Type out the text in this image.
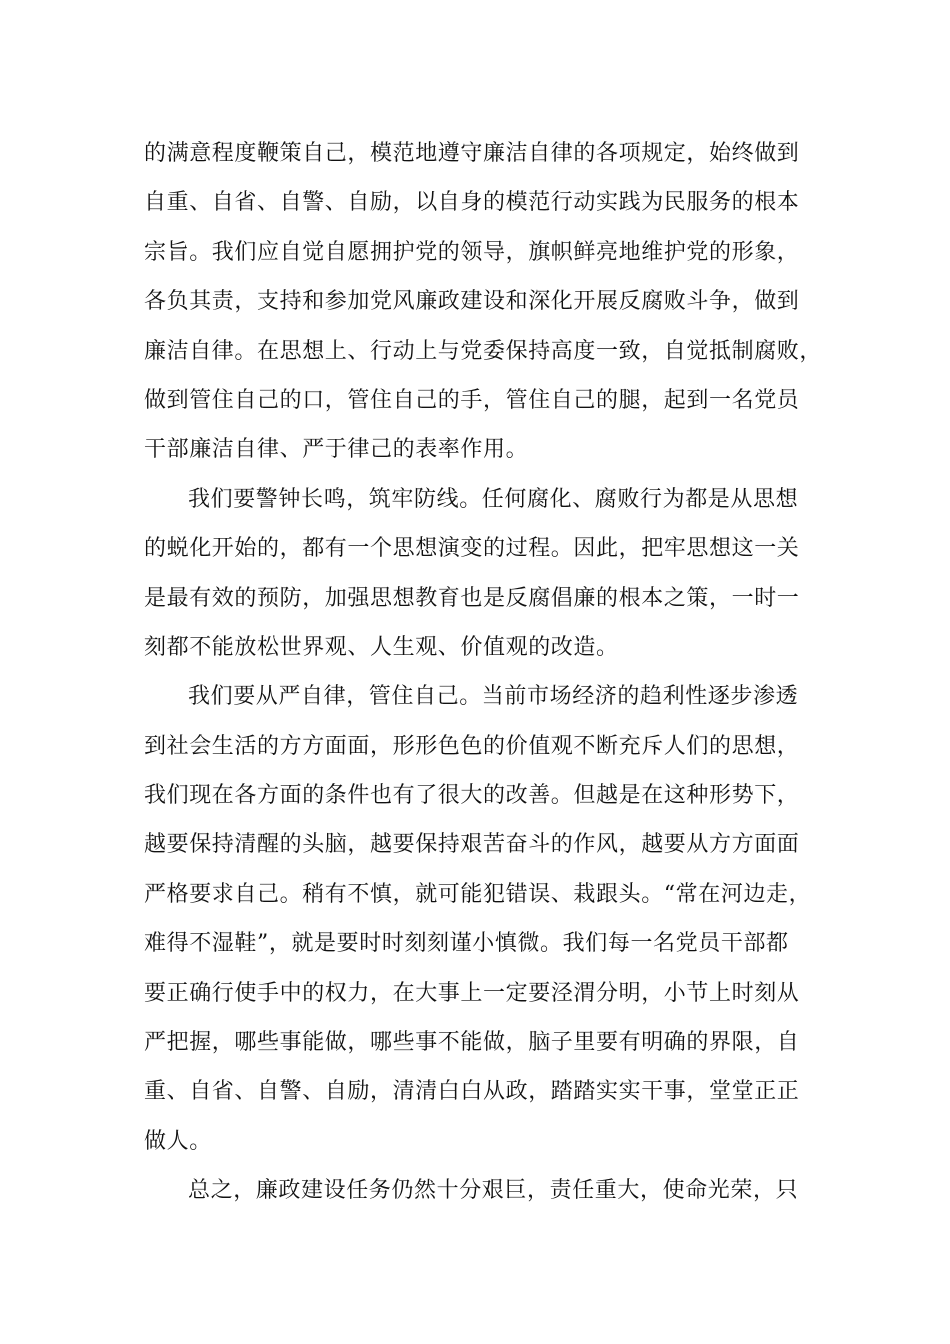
的满意程度鞭策自己，模范地遵守廉洁自律的各项规定，始终做到
自重、自省、自警、自励，以自身的模范行动实践为民服务的根本
宗旨。我们应自觉自愿拥护党的领导，旗帜鲜亮地维护党的形象，
各负其责，支持和参加党风廉政建设和深化开展反腐败斗争，做到
廉洁自律。在思想上、行动上与党委保持高度一致，自觉抵制腐败，
做到管住自己的口，管住自己的手，管住自己的腿，起到一名党员
干部廉洁自律、严于律己的表率作用。
我们要警钟长鸣，筑牢防线。任何腐化、腐败行为都是从思想
的蜕化开始的，都有一个思想演变的过程。因此，把牢思想这一关
是最有效的预防，加强思想教育也是反腐倡廉的根本之策，一时一
刻都不能放松世界观、人生观、价值观的改造。
我们要从严自律，管住自己。当前市场经济的趋利性逐步渗透
到社会生活的方方面面，形形色色的价值观不断充斥人们的思想，
我们现在各方面的条件也有了很大的改善。但越是在这种形势下，
越要保持清醒的头脑，越要保持艰苦奋斗的作风，越要从方方面面
严格要求自己。稍有不慎，就可能犯错误、栽跟头。“常在河边走，
难得不湿鞋”，就是要时时刻刻谨小慎微。我们每一名党员干部都
要正确行使手中的权力，在大事上一定要泾渭分明，小节上时刻从
严把握，哪些事能做，哪些事不能做，脑子里要有明确的界限，自
重、自省、自警、自励，清清白白从政，踏踏实实干事，堂堂正正
做人。
总之，廉政建设任务仍然十分艰巨，责任重大，使命光荣，只
